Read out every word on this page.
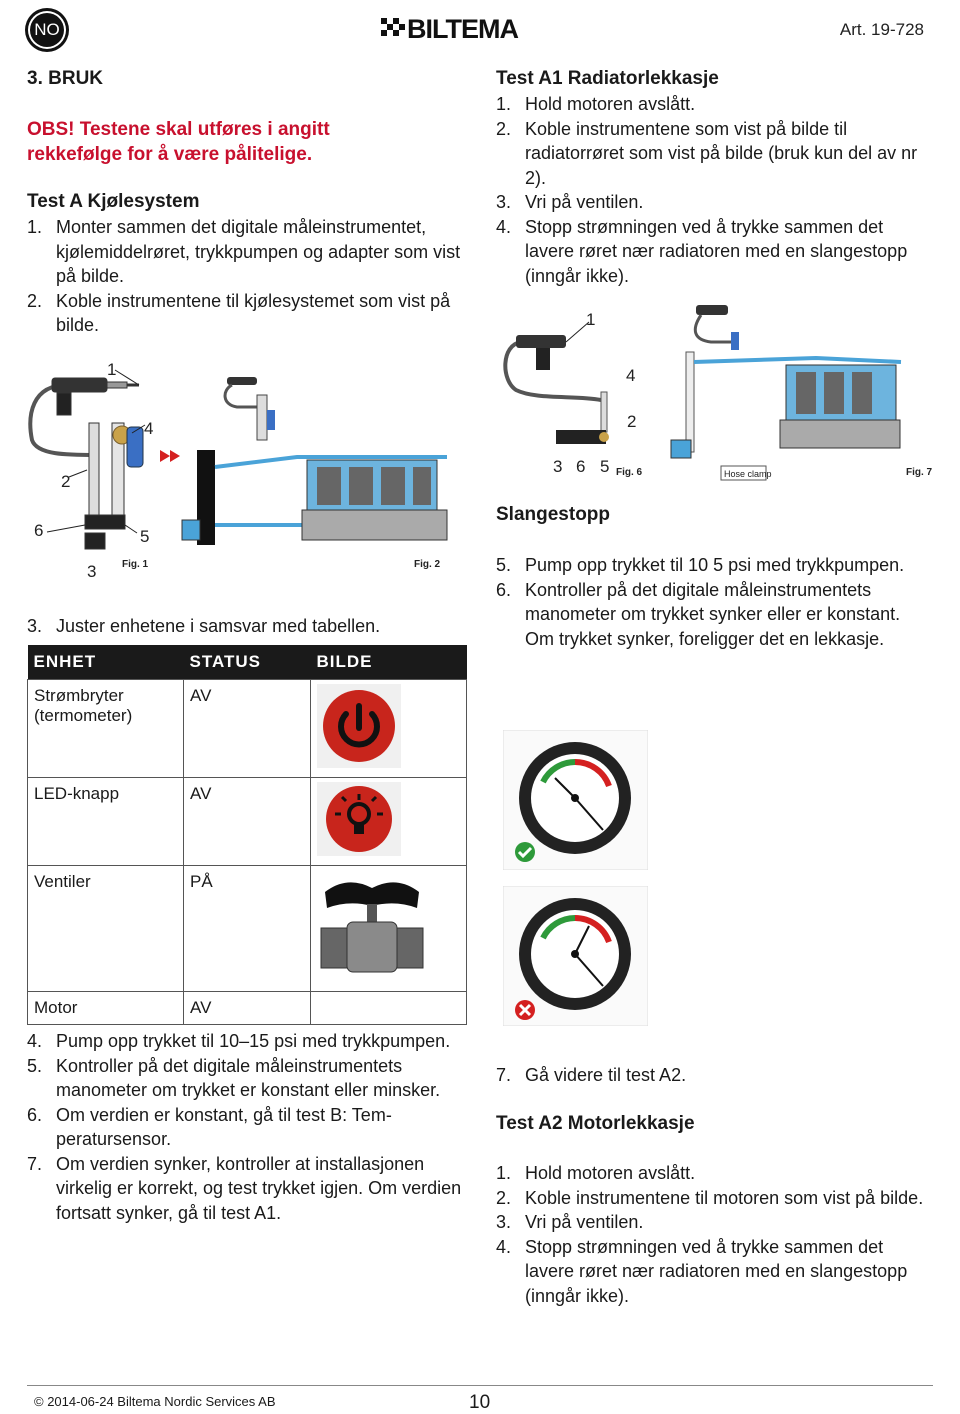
NO	BILTEMA	Art. 19-728
3. BRUK
OBS! Testene skal utføres i angitt rekkefølge for å være pålitelige.
Test A Kjølesystem
1. Monter sammen det digitale måleinstrumentet, kjølemiddelrøret, trykkpumpen og adapter som vist på bilde.
2. Koble instrumentene til kjølesystemet som vist på bilde.
1
4
2
6	5
3	Fig. 1	Fig. 2
3. Juster enhetene i samsvar med tabellen.
ENHET	STATUS	BILDE
Strømbryter (termometer)	AV	
LED-knapp	AV	
Ventiler	PÅ	
Motor	AV	
4. Pump opp trykket til 10–15 psi med trykkpumpen.
5. Kontroller på det digitale måleinstrumentets manometer om trykket er konstant eller minsker.
6. Om verdien er konstant, gå til test B: Temperatursensor.
7. Om verdien synker, kontroller at installasjonen virkelig er korrekt, og test trykket igjen. Om verdien fortsatt synker, gå til test A1.
Test A1 Radiatorlekkasje
1. Hold motoren avslått.
2. Koble instrumentene som vist på bilde til radiatorrøret som vist på bilde (bruk kun del av nr 2).
3. Vri på ventilen.
4. Stopp strømningen ved å trykke sammen det lavere røret nær radiatoren med en slangestopp (inngår ikke).
1
4
2
3 6 5 Fig. 6	Hose clamp	Fig. 7
Slangestopp
5. Pump opp trykket til 10 5 psi med trykkpumpen.
6. Kontroller på det digitale måleinstrumentets manometer om trykket synker eller er konstant. Om trykket synker, foreligger det en lekkasje.
7. Gå videre til test A2.
Test A2 Motorlekkasje
1. Hold motoren avslått.
2. Koble instrumentene til motoren som vist på bilde.
3. Vri på ventilen.
4. Stopp strømningen ved å trykke sammen det lavere røret nær radiatoren med en slangestopp (inngår ikke).
© 2014-06-24 Biltema Nordic Services AB	10
